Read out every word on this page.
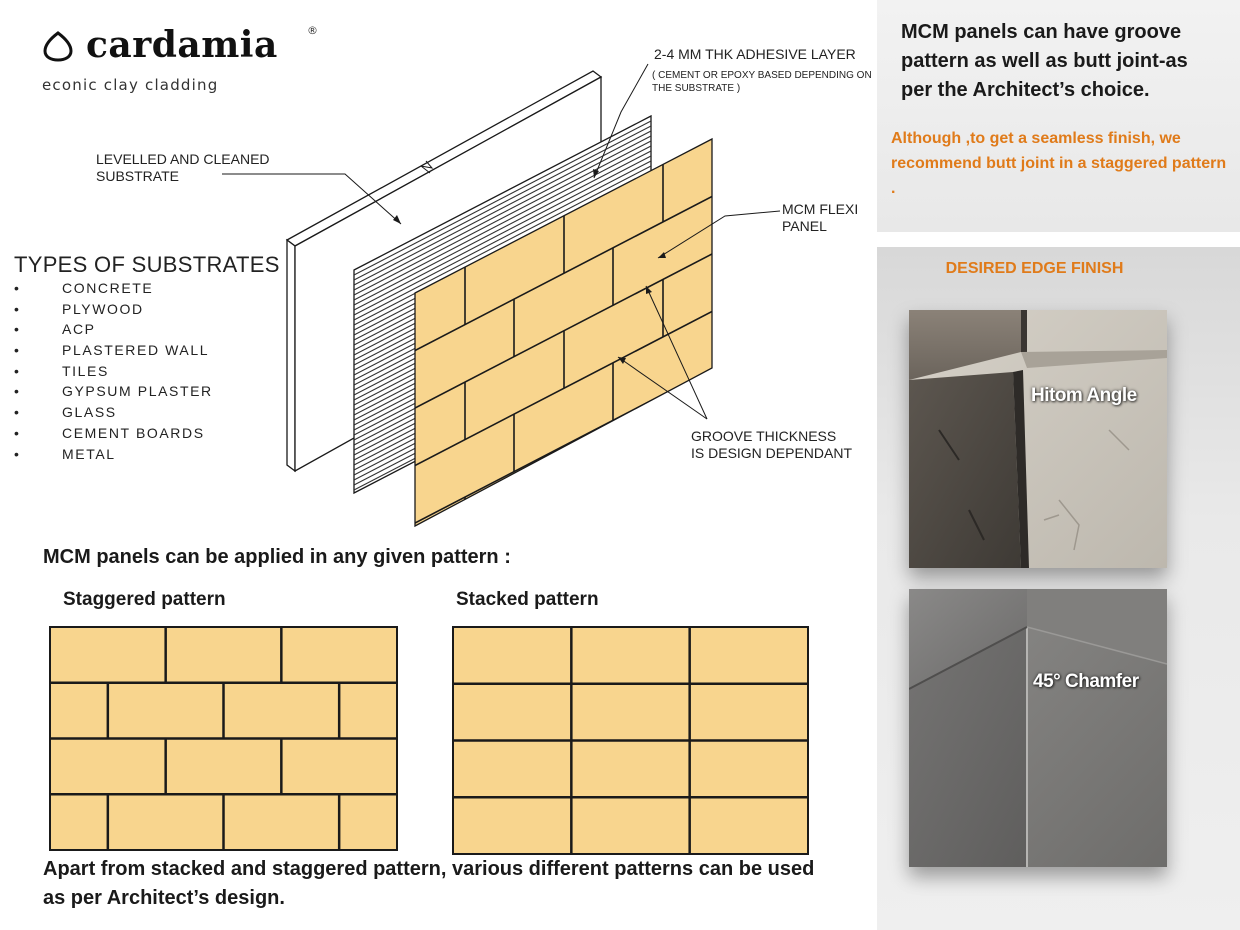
cardamia	®
econic clay cladding
2-4 MM THK ADHESIVE LAYER
( CEMENT OR EPOXY BASED DEPENDING ON
THE SUBSTRATE )
LEVELLED AND CLEANED
SUBSTRATE
MCM FLEXI
PANEL
GROOVE THICKNESS
IS DESIGN DEPENDANT
TYPES OF SUBSTRATES
• CONCRETE
• PLYWOOD
• ACP
• PLASTERED WALL
• TILES
• GYPSUM PLASTER
• GLASS
• CEMENT BOARDS
• METAL
MCM panels can be applied in any given pattern :
Staggered pattern	Stacked pattern
Apart from stacked and staggered pattern, various different patterns can be used as per Architect’s design.
MCM panels can have groove pattern as well as butt joint-as per the Architect’s choice.
Although ,to get a seamless finish, we recommend butt joint in a staggered pattern .
DESIRED EDGE FINISH
Hitom Angle
45° Chamfer
